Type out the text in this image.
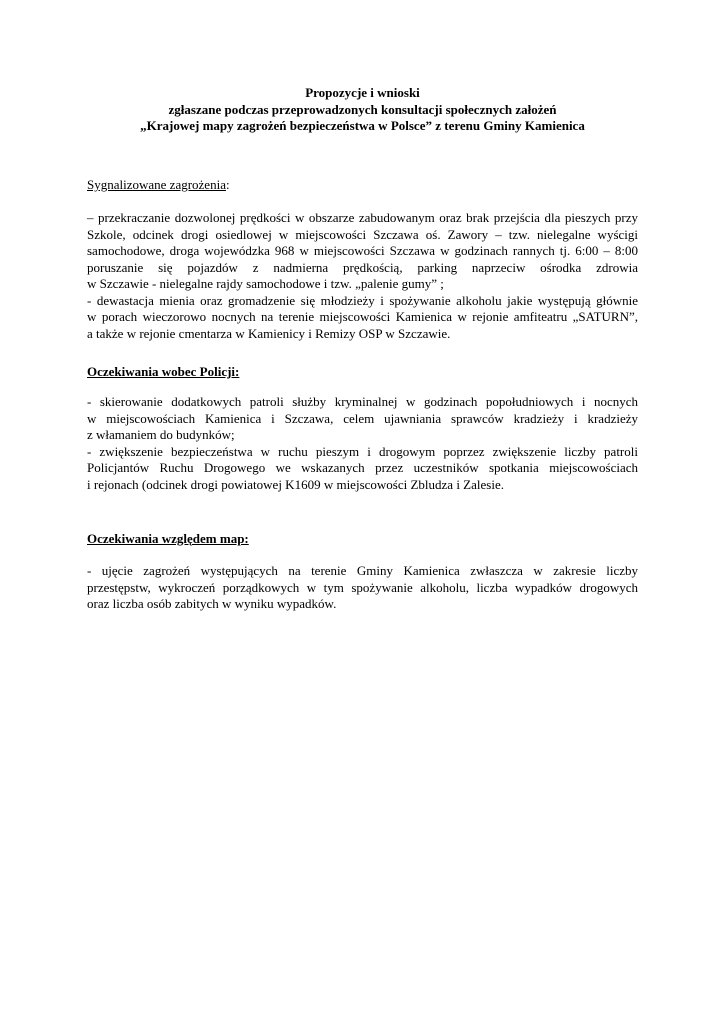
Propozycje i wnioski
zgłaszane podczas przeprowadzonych konsultacji społecznych założeń
„Krajowej mapy zagrożeń bezpieczeństwa w Polsce” z terenu Gminy Kamienica

Sygnalizowane zagrożenia:

– przekraczanie dozwolonej prędkości w obszarze zabudowanym oraz brak przejścia dla pieszych przy
Szkole, odcinek drogi osiedlowej w miejscowości Szczawa oś. Zawory – tzw. nielegalne wyścigi
samochodowe, droga wojewódzka 968 w miejscowości Szczawa w godzinach rannych tj. 6:00 – 8:00
poruszanie się pojazdów z nadmierna prędkością, parking naprzeciw ośrodka zdrowia
w Szczawie - nielegalne rajdy samochodowe i tzw. „palenie gumy” ;
- dewastacja mienia oraz gromadzenie się młodzieży i spożywanie alkoholu jakie występują głównie
w porach wieczorowo nocnych na terenie miejscowości Kamienica w rejonie amfiteatru „SATURN”,
a także w rejonie cmentarza w Kamienicy i Remizy OSP w Szczawie.

Oczekiwania wobec Policji:

- skierowanie dodatkowych patroli służby kryminalnej w godzinach popołudniowych i nocnych
w miejscowościach Kamienica i Szczawa, celem ujawniania sprawców kradzieży i kradzieży
z włamaniem do budynków;
- zwiększenie bezpieczeństwa w ruchu pieszym i drogowym poprzez zwiększenie liczby patroli
Policjantów Ruchu Drogowego we wskazanych przez uczestników spotkania miejscowościach
i rejonach (odcinek drogi powiatowej K1609 w miejscowości Zbludza i Zalesie.

Oczekiwania względem map:

- ujęcie zagrożeń występujących na terenie Gminy Kamienica zwłaszcza w zakresie liczby
przestępstw, wykroczeń porządkowych w tym spożywanie alkoholu, liczba wypadków drogowych
oraz liczba osób zabitych w wyniku wypadków.
